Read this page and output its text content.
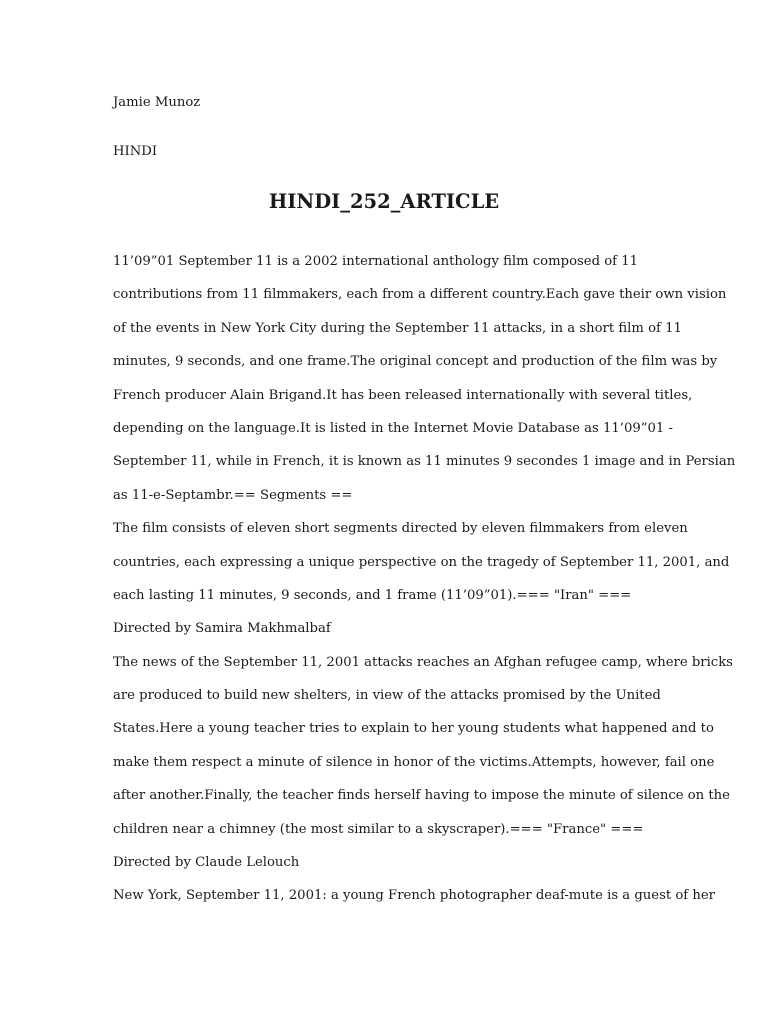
Jamie Munoz
HINDI
HINDI_252_ARTICLE
11’09”01 September 11 is a 2002 international anthology film composed of 11
contributions from 11 filmmakers, each from a different country.Each gave their own vision
of the events in New York City during the September 11 attacks, in a short film of 11
minutes, 9 seconds, and one frame.The original concept and production of the film was by
French producer Alain Brigand.It has been released internationally with several titles,
depending on the language.It is listed in the Internet Movie Database as 11’09”01 -
September 11, while in French, it is known as 11 minutes 9 secondes 1 image and in Persian
as 11-e-Septambr.== Segments ==
The film consists of eleven short segments directed by eleven filmmakers from eleven
countries, each expressing a unique perspective on the tragedy of September 11, 2001, and
each lasting 11 minutes, 9 seconds, and 1 frame (11’09”01).=== "Iran" ===
Directed by Samira Makhmalbaf
The news of the September 11, 2001 attacks reaches an Afghan refugee camp, where bricks
are produced to build new shelters, in view of the attacks promised by the United
States.Here a young teacher tries to explain to her young students what happened and to
make them respect a minute of silence in honor of the victims.Attempts, however, fail one
after another.Finally, the teacher finds herself having to impose the minute of silence on the
children near a chimney (the most similar to a skyscraper).=== "France" ===
Directed by Claude Lelouch
New York, September 11, 2001: a young French photographer deaf-mute is a guest of her
